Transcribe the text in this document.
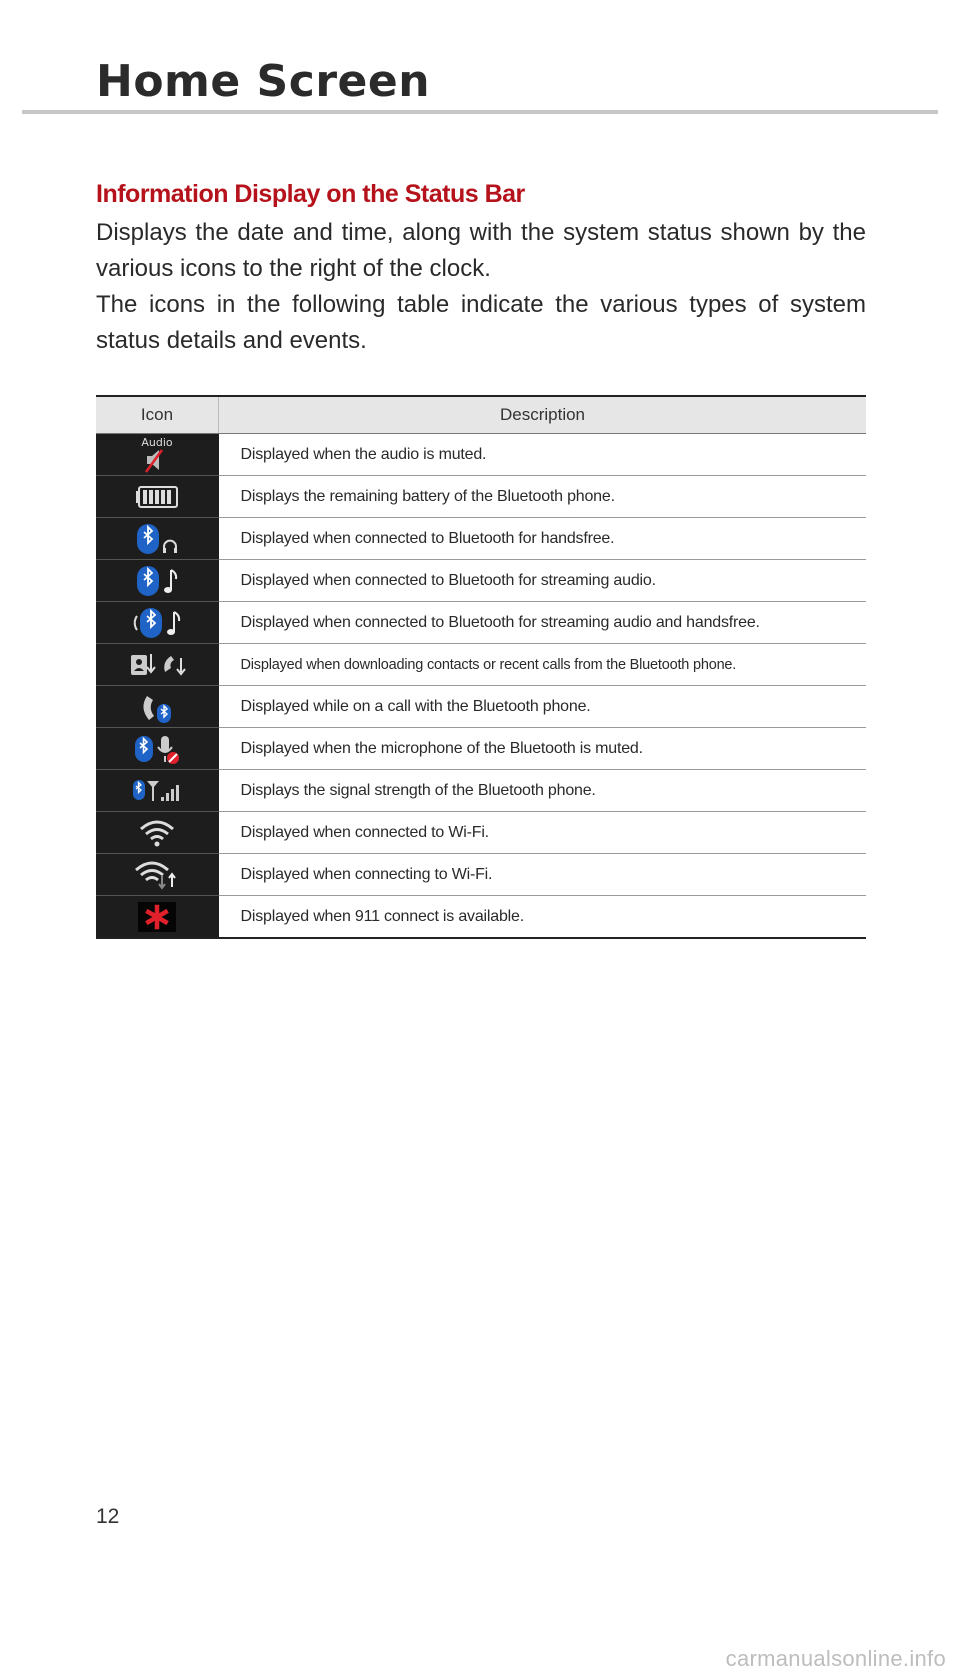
Home Screen
Information Display on the Status Bar

Displays the date and time, along with the system status shown by the various icons to the right of the clock.

The icons in the following table indicate the various types of system status details and events.

Icon	Description

Audio	Displayed when the audio is muted.
	Displays the remaining battery of the Bluetooth phone.
	Displayed when connected to Bluetooth for handsfree.
	Displayed when connected to Bluetooth for streaming audio.
	Displayed when connected to Bluetooth for streaming audio and handsfree.
	Displayed when downloading contacts or recent calls from the Bluetooth phone.
	Displayed while on a call with the Bluetooth phone.
	Displayed when the microphone of the Bluetooth is muted.
	Displays the signal strength of the Bluetooth phone.
	Displayed when connected to Wi-Fi.
	Displayed when connecting to Wi-Fi.
	Displayed when 911 connect is available.

12

carmanualsonline.info
